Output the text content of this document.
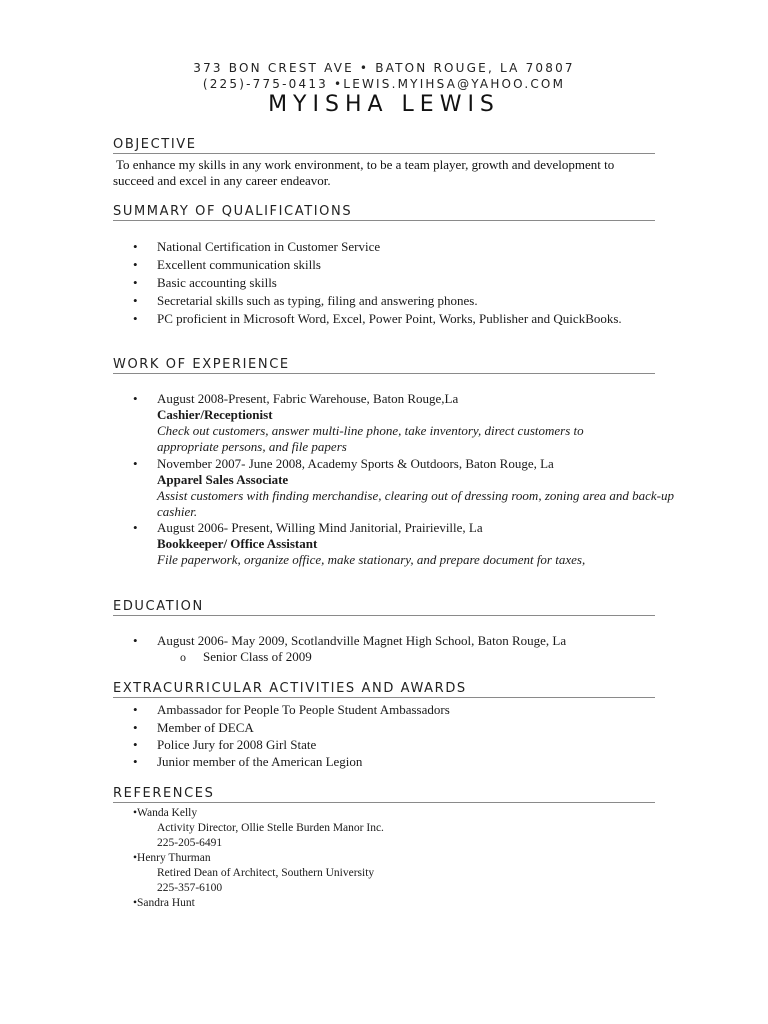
373 BON CREST AVE • BATON ROUGE, LA 70807
(225)-775-0413 •LEWIS.MYIHSA@YAHOO.COM
MYISHA LEWIS
OBJECTIVE
To enhance my skills in any work environment, to be a team player, growth and development to
succeed and excel in any career endeavor.
SUMMARY OF QUALIFICATIONS
• National Certification in Customer Service
• Excellent communication skills
• Basic accounting skills
• Secretarial skills such as typing, filing and answering phones.
• PC proficient in Microsoft Word, Excel, Power Point, Works, Publisher and QuickBooks.
WORK OF EXPERIENCE
• August 2008-Present, Fabric Warehouse, Baton Rouge,La
Cashier/Receptionist
Check out customers, answer multi-line phone, take inventory, direct customers to
appropriate persons, and file papers
• November 2007- June 2008, Academy Sports & Outdoors, Baton Rouge, La
Apparel Sales Associate
Assist customers with finding merchandise, clearing out of dressing room, zoning area and back-up
cashier.
• August 2006- Present, Willing Mind Janitorial, Prairieville, La
Bookkeeper/ Office Assistant
File paperwork, organize office, make stationary, and prepare document for taxes,
EDUCATION
• August 2006- May 2009, Scotlandville Magnet High School, Baton Rouge, La
o Senior Class of 2009
EXTRACURRICULAR ACTIVITIES AND AWARDS
• Ambassador for People To People Student Ambassadors
• Member of DECA
• Police Jury for 2008 Girl State
• Junior member of the American Legion
REFERENCES
•Wanda Kelly
Activity Director, Ollie Stelle Burden Manor Inc.
225-205-6491
•Henry Thurman
Retired Dean of Architect, Southern University
225-357-6100
•Sandra Hunt
